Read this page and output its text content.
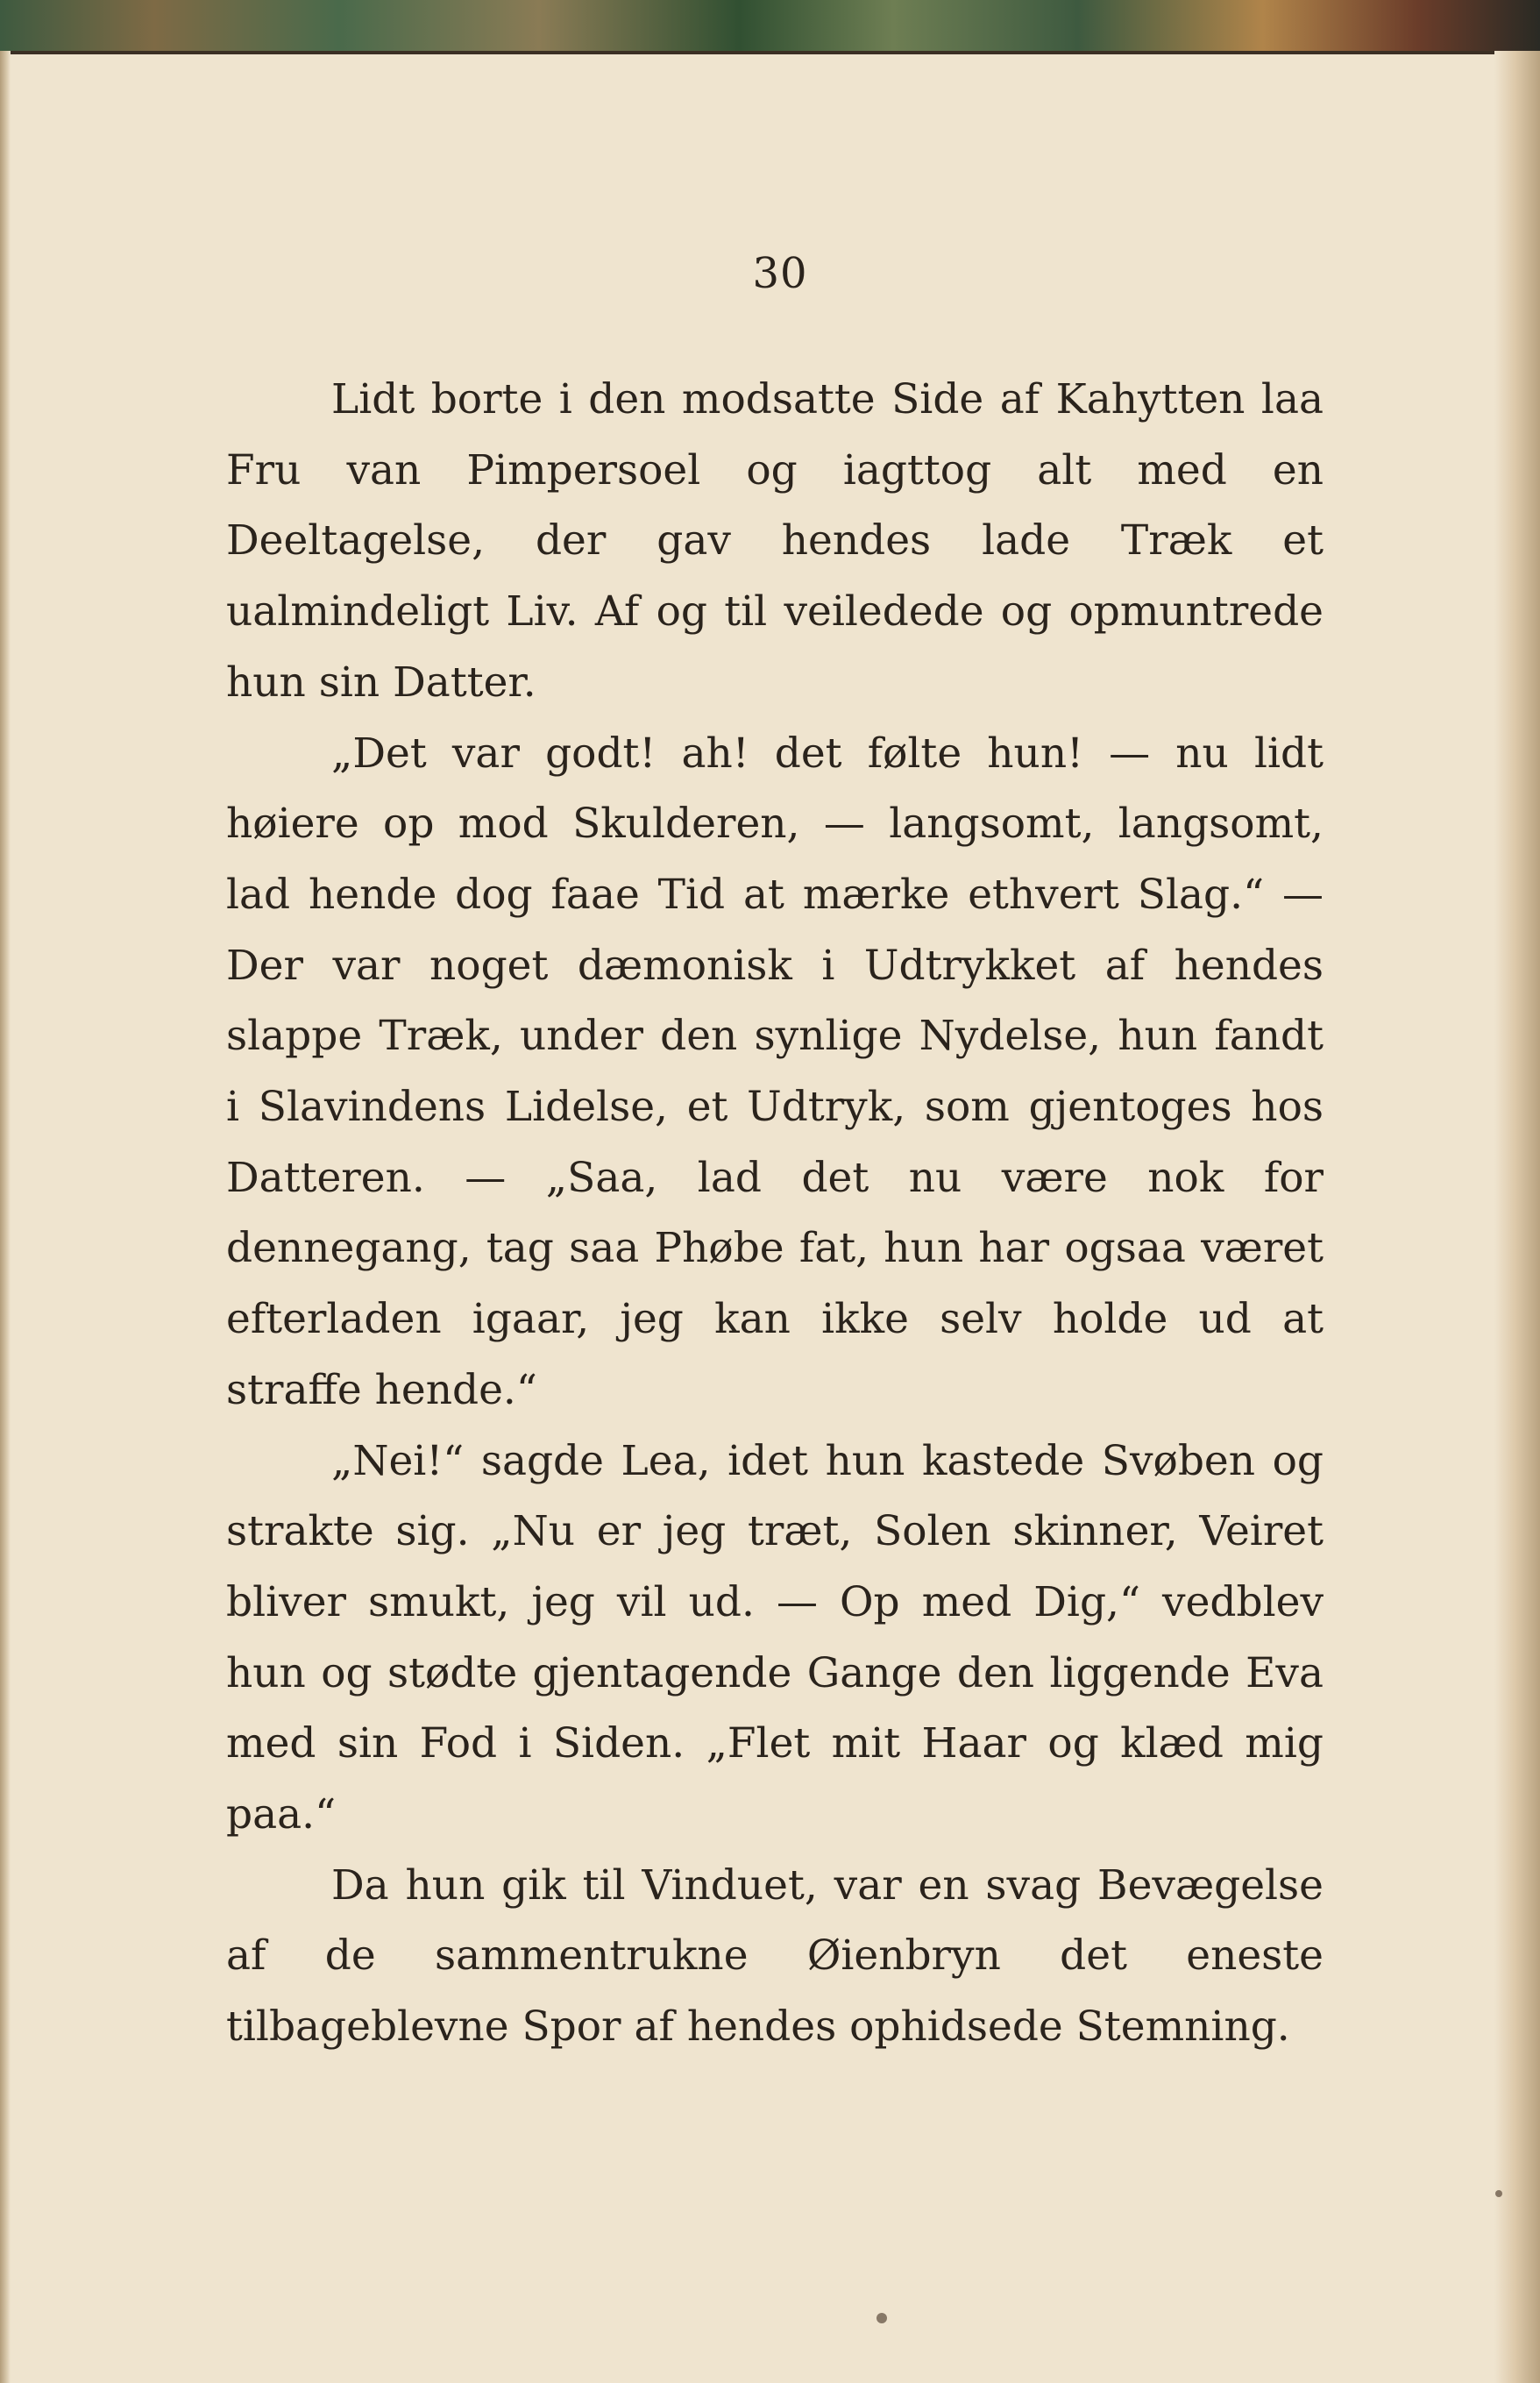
30

Lidt borte i den modsatte Side af Kahytten laa Fru van Pimpersoel og iagttog alt med en Deeltagelse, der gav hendes lade Træk et ualmindeligt Liv. Af og til veiledede og opmuntrede hun sin Datter.

„Det var godt! ah! det følte hun! — nu lidt høiere op mod Skulderen, — langsomt, langsomt, lad hende dog faae Tid at mærke ethvert Slag.“ — Der var noget dæmonisk i Udtrykket af hendes slappe Træk, under den synlige Nydelse, hun fandt i Slavindens Lidelse, et Udtryk, som gjentoges hos Datteren. — „Saa, lad det nu være nok for dennegang, tag saa Phøbe fat, hun har ogsaa været efterladen igaar, jeg kan ikke selv holde ud at straffe hende.“

„Nei!“ sagde Lea, idet hun kastede Svøben og strakte sig. „Nu er jeg træt, Solen skinner, Veiret bliver smukt, jeg vil ud. — Op med Dig,“ vedblev hun og stødte gjentagende Gange den liggende Eva med sin Fod i Siden. „Flet mit Haar og klæd mig paa.“

Da hun gik til Vinduet, var en svag Bevægelse af de sammentrukne Øienbryn det eneste tilbageblevne Spor af hendes ophidsede Stemning.
